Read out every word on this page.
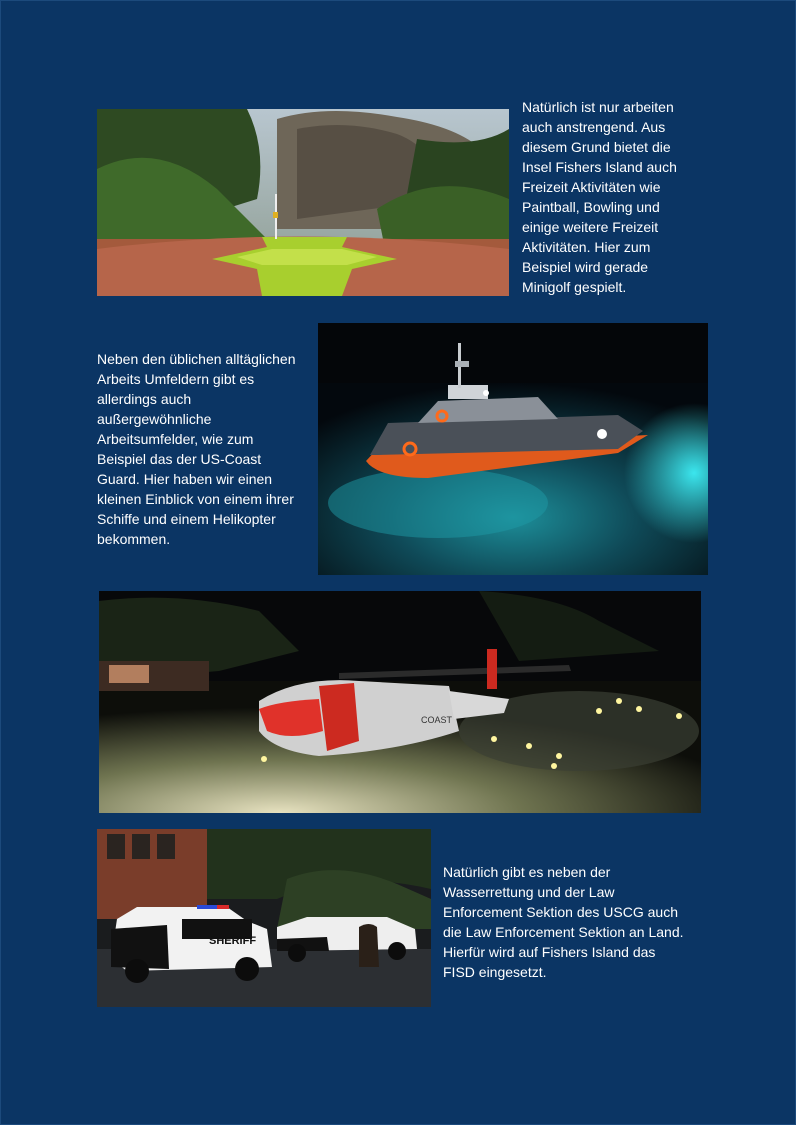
Natürlich ist nur arbeiten
auch anstrengend. Aus
diesem Grund bietet die
Insel Fishers Island auch
Freizeit Aktivitäten wie
Paintball, Bowling und
einige weitere Freizeit
Aktivitäten. Hier zum
Beispiel wird gerade
Minigolf gespielt.
Neben den üblichen alltäglichen
Arbeits Umfeldern gibt es
allerdings auch
außergewöhnliche
Arbeitsumfelder, wie zum
Beispiel das der US-Coast
Guard. Hier haben wir einen
kleinen Einblick von einem ihrer
Schiffe und einem Helikopter
bekommen.
COAST
SHERIFF
Natürlich gibt es neben der
Wasserrettung und der Law
Enforcement Sektion des USCG auch
die Law Enforcement Sektion an Land.
Hierfür wird auf Fishers Island das
FISD eingesetzt.
